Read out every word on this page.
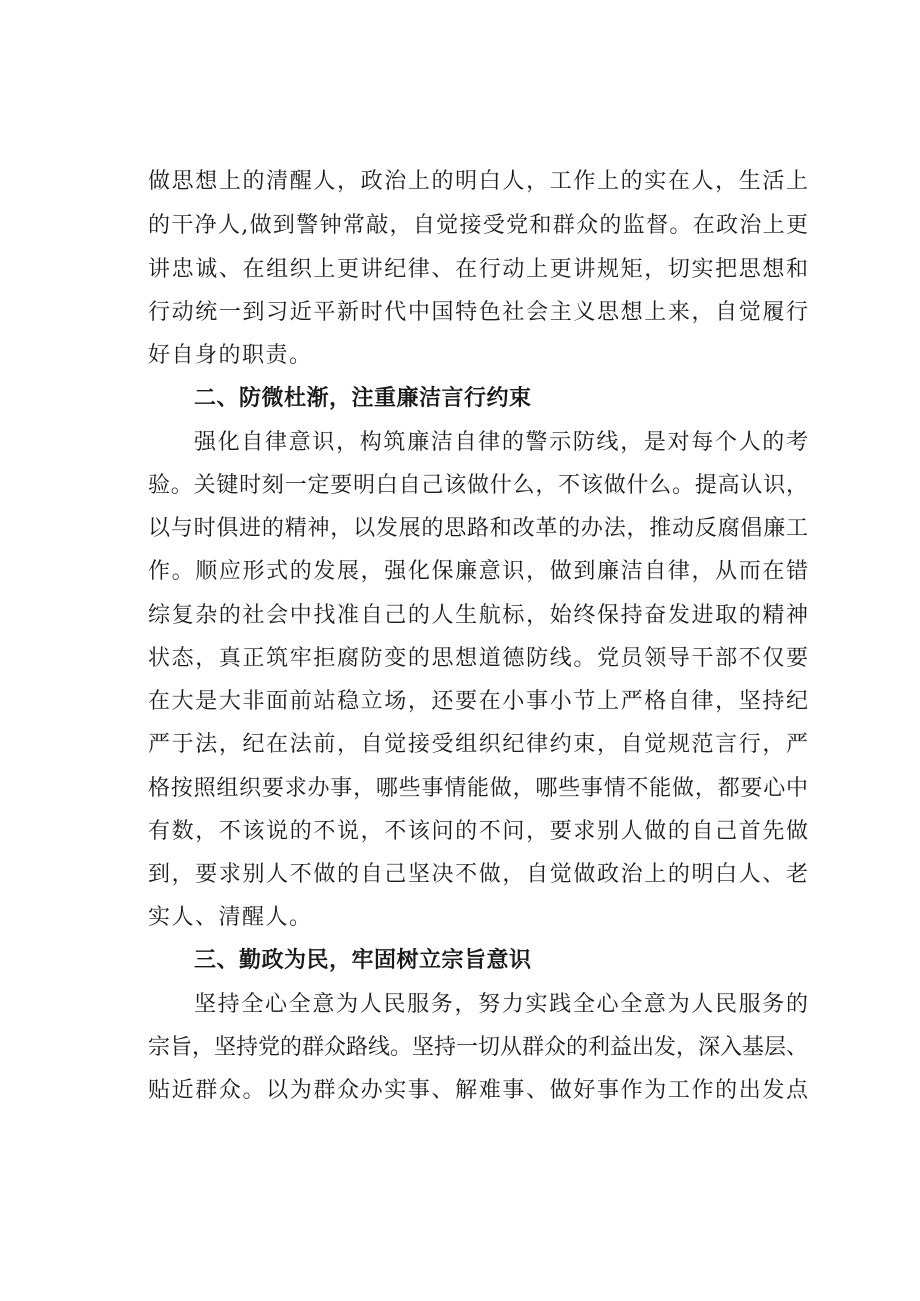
做思想上的清醒人，政治上的明白人，工作上的实在人，生活上
的干净人,做到警钟常敲，自觉接受党和群众的监督。在政治上更
讲忠诚、在组织上更讲纪律、在行动上更讲规矩，切实把思想和
行动统一到习近平新时代中国特色社会主义思想上来，自觉履行
好自身的职责。
二、防微杜渐，注重廉洁言行约束
强化自律意识，构筑廉洁自律的警示防线，是对每个人的考
验。关键时刻一定要明白自己该做什么，不该做什么。提高认识，
以与时俱进的精神，以发展的思路和改革的办法，推动反腐倡廉工
作。顺应形式的发展，强化保廉意识，做到廉洁自律，从而在错
综复杂的社会中找准自己的人生航标，始终保持奋发进取的精神
状态，真正筑牢拒腐防变的思想道德防线。党员领导干部不仅要
在大是大非面前站稳立场，还要在小事小节上严格自律，坚持纪
严于法，纪在法前，自觉接受组织纪律约束，自觉规范言行，严
格按照组织要求办事，哪些事情能做，哪些事情不能做，都要心中
有数，不该说的不说，不该问的不问，要求别人做的自己首先做
到，要求别人不做的自己坚决不做，自觉做政治上的明白人、老
实人、清醒人。
三、勤政为民，牢固树立宗旨意识
坚持全心全意为人民服务，努力实践全心全意为人民服务的
宗旨，坚持党的群众路线。坚持一切从群众的利益出发，深入基层、
贴近群众。以为群众办实事、解难事、做好事作为工作的出发点
